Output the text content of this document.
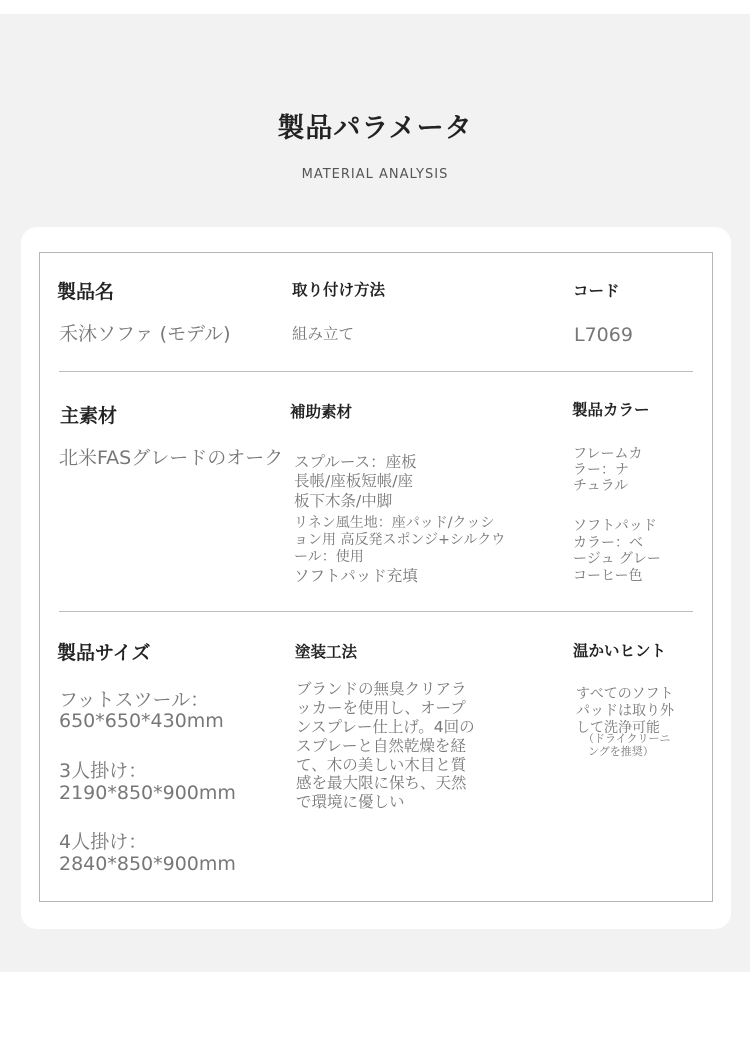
製品パラメータ
MATERIAL ANALYSIS
製品名
禾沐ソファ (モデル)
取り付け方法
組み立て
コード
L7069
主素材
北米FASグレードのオーク
補助素材
スプルース：座板
長帳/座板短帳/座
板下木条/中脚
リネン風生地：座パッド/クッシ
ョン用 高反発スポンジ+シルクウ
ール：使用
ソフトパッド充填
製品カラー
フレームカ
ラー：ナ
チュラル
ソフトパッド
カラー：ベ
ージュ グレー
コーヒー色
製品サイズ
フットスツール：
650*650*430mm
3人掛け：
2190*850*900mm
4人掛け：
2840*850*900mm
塗装工法
ブランドの無臭クリアラ
ッカーを使用し、オープ
ンスプレー仕上げ。4回の
スプレーと自然乾燥を経
て、木の美しい木目と質
感を最大限に保ち、天然
で環境に優しい
温かいヒント
すべてのソフト
パッドは取り外
して洗浄可能
（ドライクリーニ
ングを推奨）
